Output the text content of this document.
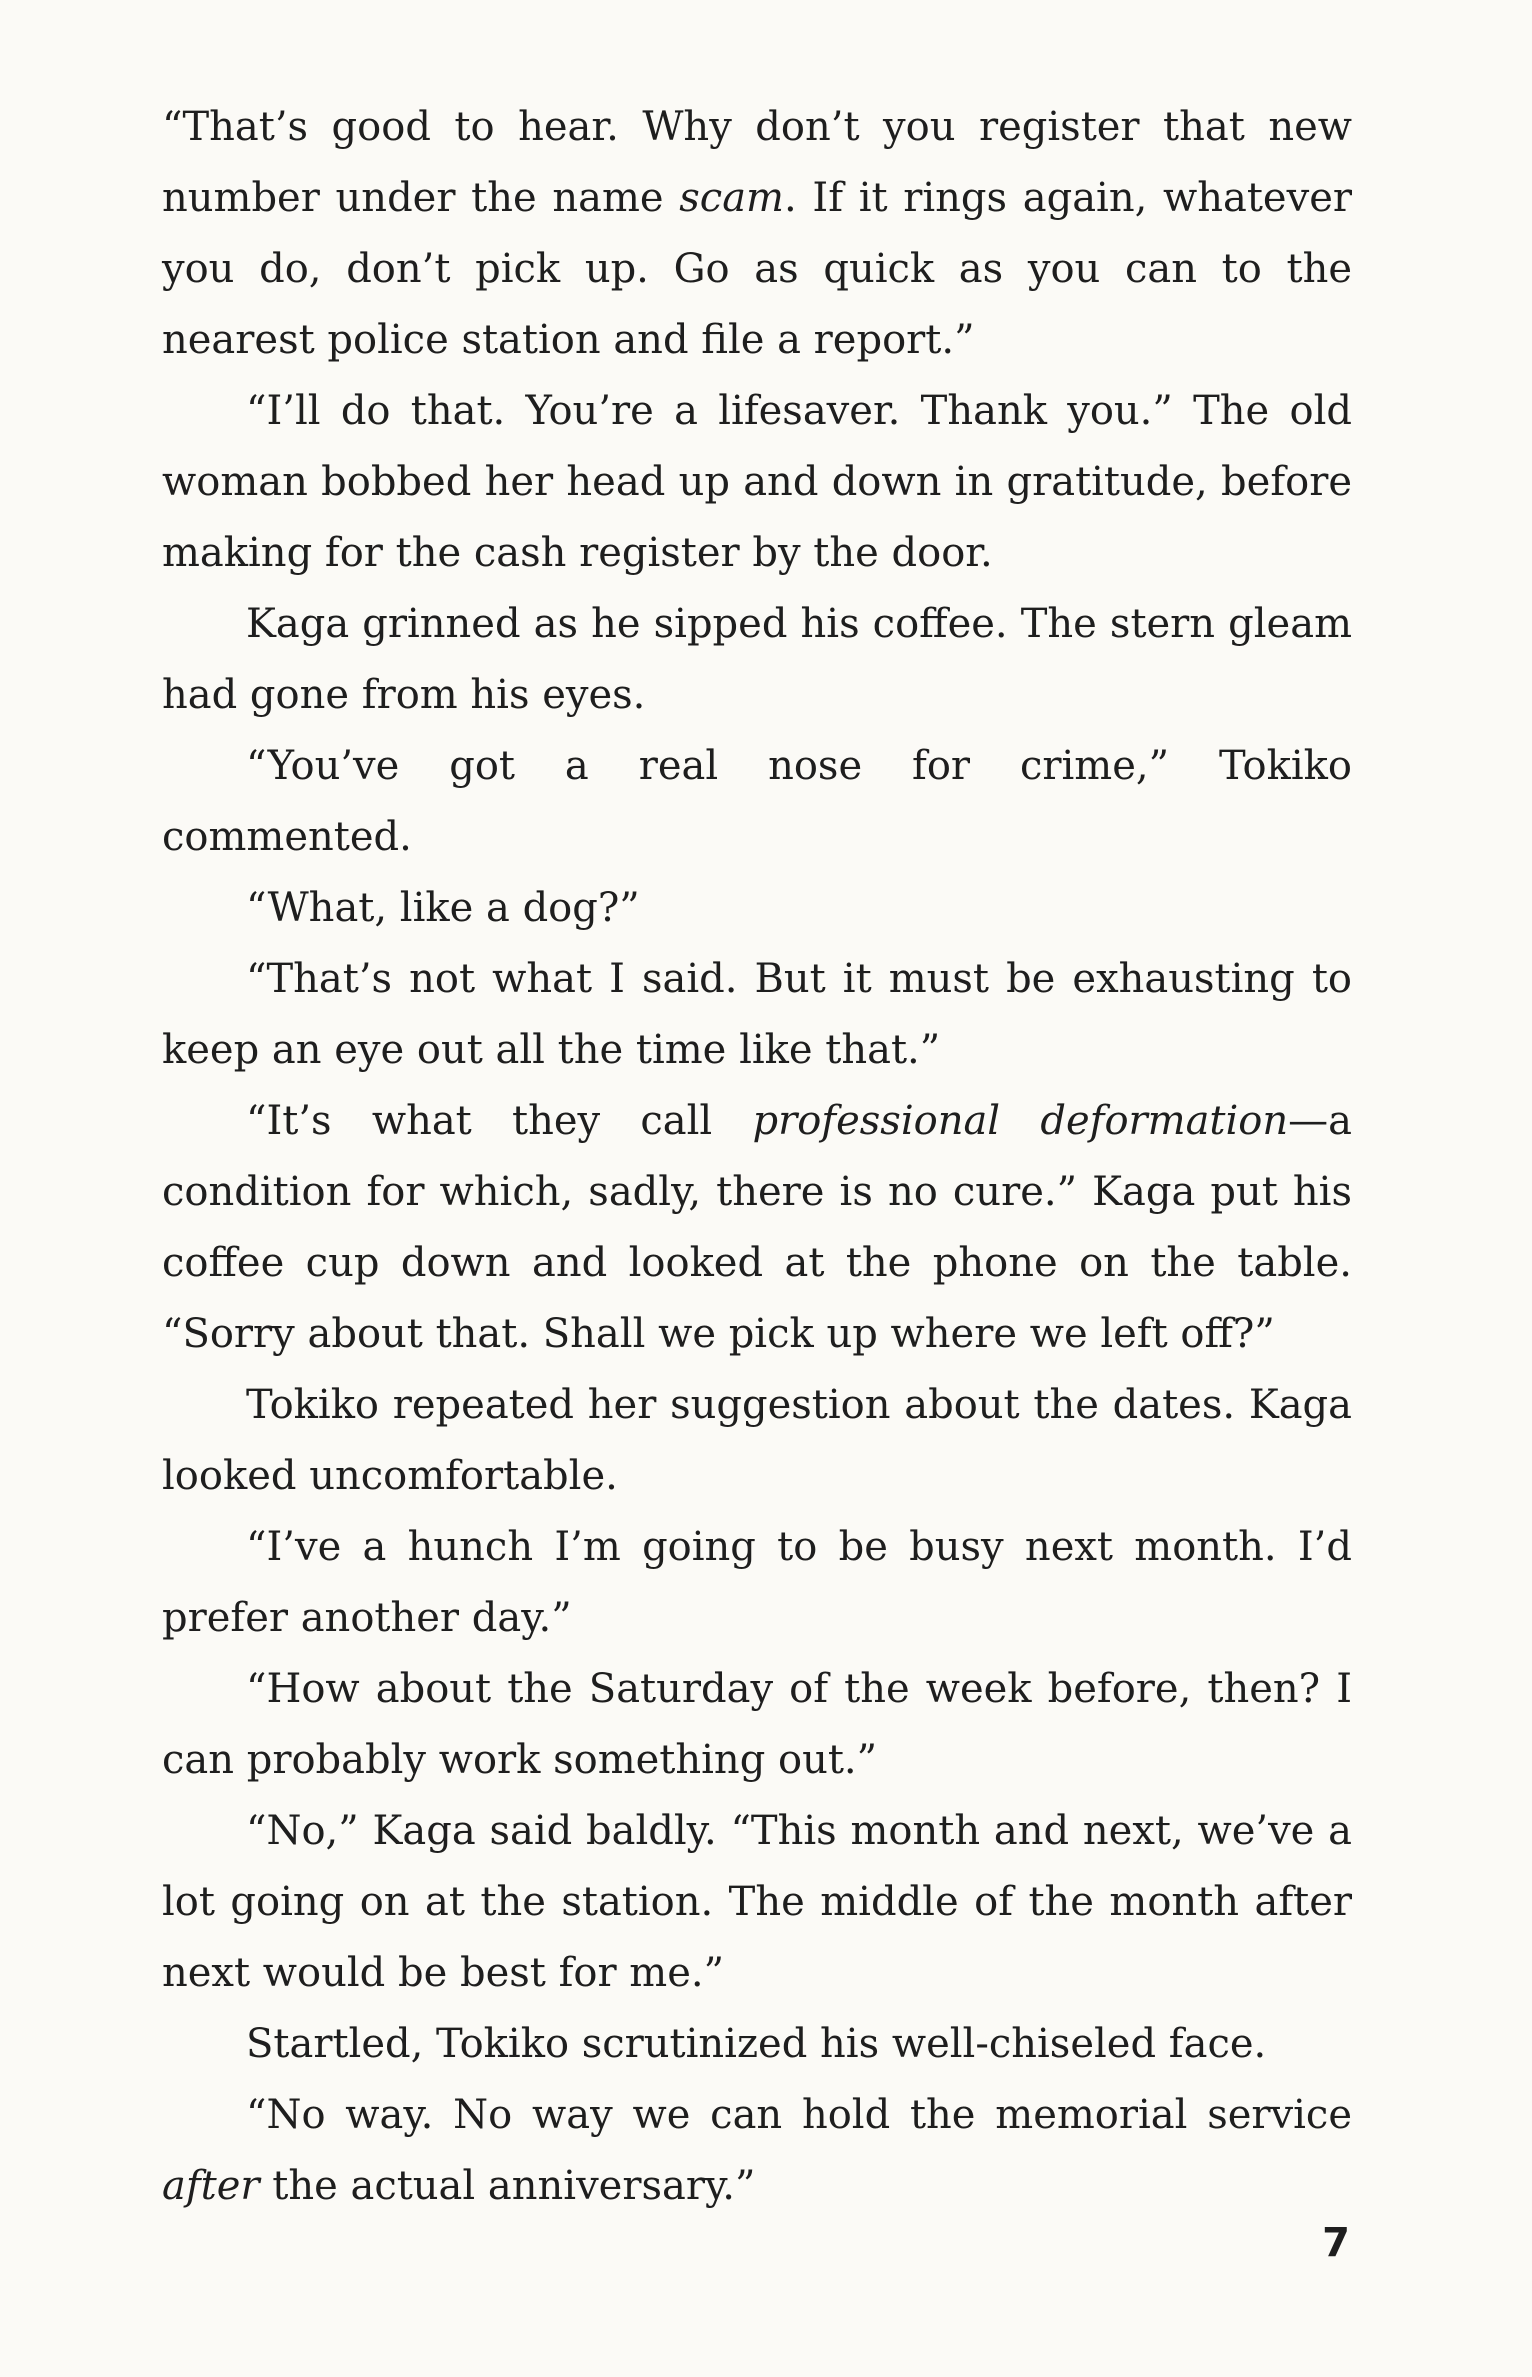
“That’s good to hear. Why don’t you register that new number under the name scam. If it rings again, whatever you do, don’t pick up. Go as quick as you can to the nearest police station and file a report.”

“I’ll do that. You’re a lifesaver. Thank you.” The old woman bobbed her head up and down in gratitude, before making for the cash register by the door.

Kaga grinned as he sipped his coffee. The stern gleam had gone from his eyes.

“You’ve got a real nose for crime,” Tokiko commented.

“What, like a dog?”

“That’s not what I said. But it must be exhausting to keep an eye out all the time like that.”

“It’s what they call professional deformation—a condition for which, sadly, there is no cure.” Kaga put his coffee cup down and looked at the phone on the table. “Sorry about that. Shall we pick up where we left off?”

Tokiko repeated her suggestion about the dates. Kaga looked uncomfortable.

“I’ve a hunch I’m going to be busy next month. I’d prefer another day.”

“How about the Saturday of the week before, then? I can probably work something out.”

“No,” Kaga said baldly. “This month and next, we’ve a lot going on at the station. The middle of the month after next would be best for me.”

Startled, Tokiko scrutinized his well-chiseled face.

“No way. No way we can hold the memorial service after the actual anniversary.”

7
